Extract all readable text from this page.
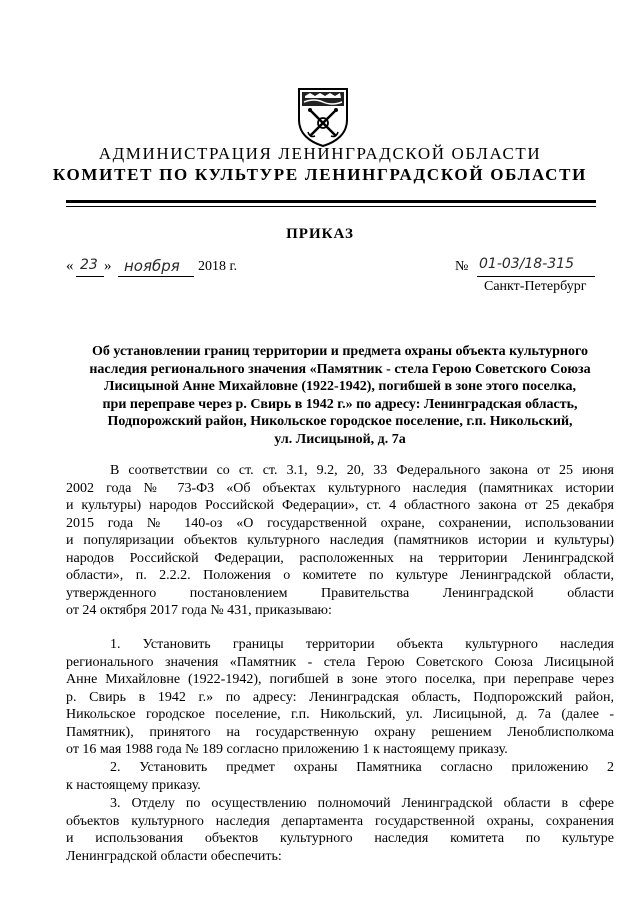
АДМИНИСТРАЦИЯ ЛЕНИНГРАДСКОЙ ОБЛАСТИ
КОМИТЕТ ПО КУЛЬТУРЕ ЛЕНИНГРАДСКОЙ ОБЛАСТИ
ПРИКАЗ
« 23 » ноября 2018 г.	№ 01-03/18-315
Санкт-Петербург
Об установлении границ территории и предмета охраны объекта культурного
наследия регионального значения «Памятник - стела Герою Советского Союза
Лисицыной Анне Михайловне (1922-1942), погибшей в зоне этого поселка,
при переправе через р. Свирь в 1942 г.» по адресу: Ленинградская область,
Подпорожский район, Никольское городское поселение, г.п. Никольский,
ул. Лисицыной, д. 7а
В соответствии со ст. ст. 3.1, 9.2, 20, 33 Федерального закона от 25 июня
2002 года № 73-ФЗ «Об объектах культурного наследия (памятниках истории
и культуры) народов Российской Федерации», ст. 4 областного закона от 25 декабря
2015 года № 140-оз «О государственной охране, сохранении, использовании
и популяризации объектов культурного наследия (памятников истории и культуры)
народов Российской Федерации, расположенных на территории Ленинградской
области», п. 2.2.2. Положения о комитете по культуре Ленинградской области,
утвержденного постановлением Правительства Ленинградской области
от 24 октября 2017 года № 431, приказываю:
1. Установить границы территории объекта культурного наследия
регионального значения «Памятник - стела Герою Советского Союза Лисицыной
Анне Михайловне (1922-1942), погибшей в зоне этого поселка, при переправе через
р. Свирь в 1942 г.» по адресу: Ленинградская область, Подпорожский район,
Никольское городское поселение, г.п. Никольский, ул. Лисицыной, д. 7а (далее -
Памятник), принятого на государственную охрану решением Леноблисполкома
от 16 мая 1988 года № 189 согласно приложению 1 к настоящему приказу.
2. Установить предмет охраны Памятника согласно приложению 2
к настоящему приказу.
3. Отделу по осуществлению полномочий Ленинградской области в сфере
объектов культурного наследия департамента государственной охраны, сохранения
и использования объектов культурного наследия комитета по культуре
Ленинградской области обеспечить:
